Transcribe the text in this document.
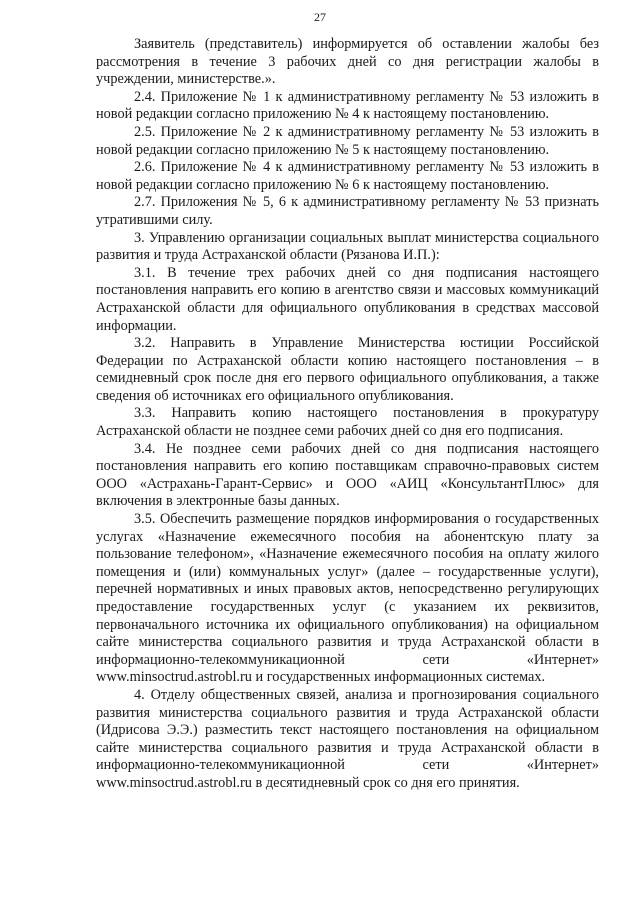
27

Заявитель (представитель) информируется об оставлении жалобы без рассмотрения в течение 3 рабочих дней со дня регистрации жалобы в учреждении, министерстве.».

2.4. Приложение № 1 к административному регламенту № 53 изложить в новой редакции согласно приложению № 4 к настоящему постановлению.

2.5. Приложение № 2 к административному регламенту № 53 изложить в новой редакции согласно приложению № 5 к настоящему постановлению.

2.6. Приложение № 4 к административному регламенту № 53 изложить в новой редакции согласно приложению № 6 к настоящему постановлению.

2.7. Приложения № 5, 6 к административному регламенту № 53 признать утратившими силу.

3. Управлению организации социальных выплат министерства социального развития и труда Астраханской области (Рязанова И.П.):

3.1. В течение трех рабочих дней со дня подписания настоящего постановления направить его копию в агентство связи и массовых коммуникаций Астраханской области для официального опубликования в средствах массовой информации.

3.2. Направить в Управление Министерства юстиции Российской Федерации по Астраханской области копию настоящего постановления – в семидневный срок после дня его первого официального опубликования, а также сведения об источниках его официального опубликования.

3.3. Направить копию настоящего постановления в прокуратуру Астраханской области не позднее семи рабочих дней со дня его подписания.

3.4. Не позднее семи рабочих дней со дня подписания настоящего постановления направить его копию поставщикам справочно-правовых систем ООО «Астрахань-Гарант-Сервис» и ООО «АИЦ «КонсультантПлюс» для включения в электронные базы данных.

3.5. Обеспечить размещение порядков информирования о государственных услугах «Назначение ежемесячного пособия на абонентскую плату за пользование телефоном», «Назначение ежемесячного пособия на оплату жилого помещения и (или) коммунальных услуг» (далее – государственные услуги), перечней нормативных и иных правовых актов, непосредственно регулирующих предоставление государственных услуг (с указанием их реквизитов, первоначального источника их официального опубликования) на официальном сайте министерства социального развития и труда Астраханской области в информационно-телекоммуникационной сети «Интернет» www.minsoctrud.astrobl.ru и государственных информационных системах.

4. Отделу общественных связей, анализа и прогнозирования социального развития министерства социального развития и труда Астраханской области (Идрисова Э.Э.) разместить текст настоящего постановления на официальном сайте министерства социального развития и труда Астраханской области в информационно-телекоммуникационной сети «Интернет» www.minsoctrud.astrobl.ru в десятидневный срок со дня его принятия.
